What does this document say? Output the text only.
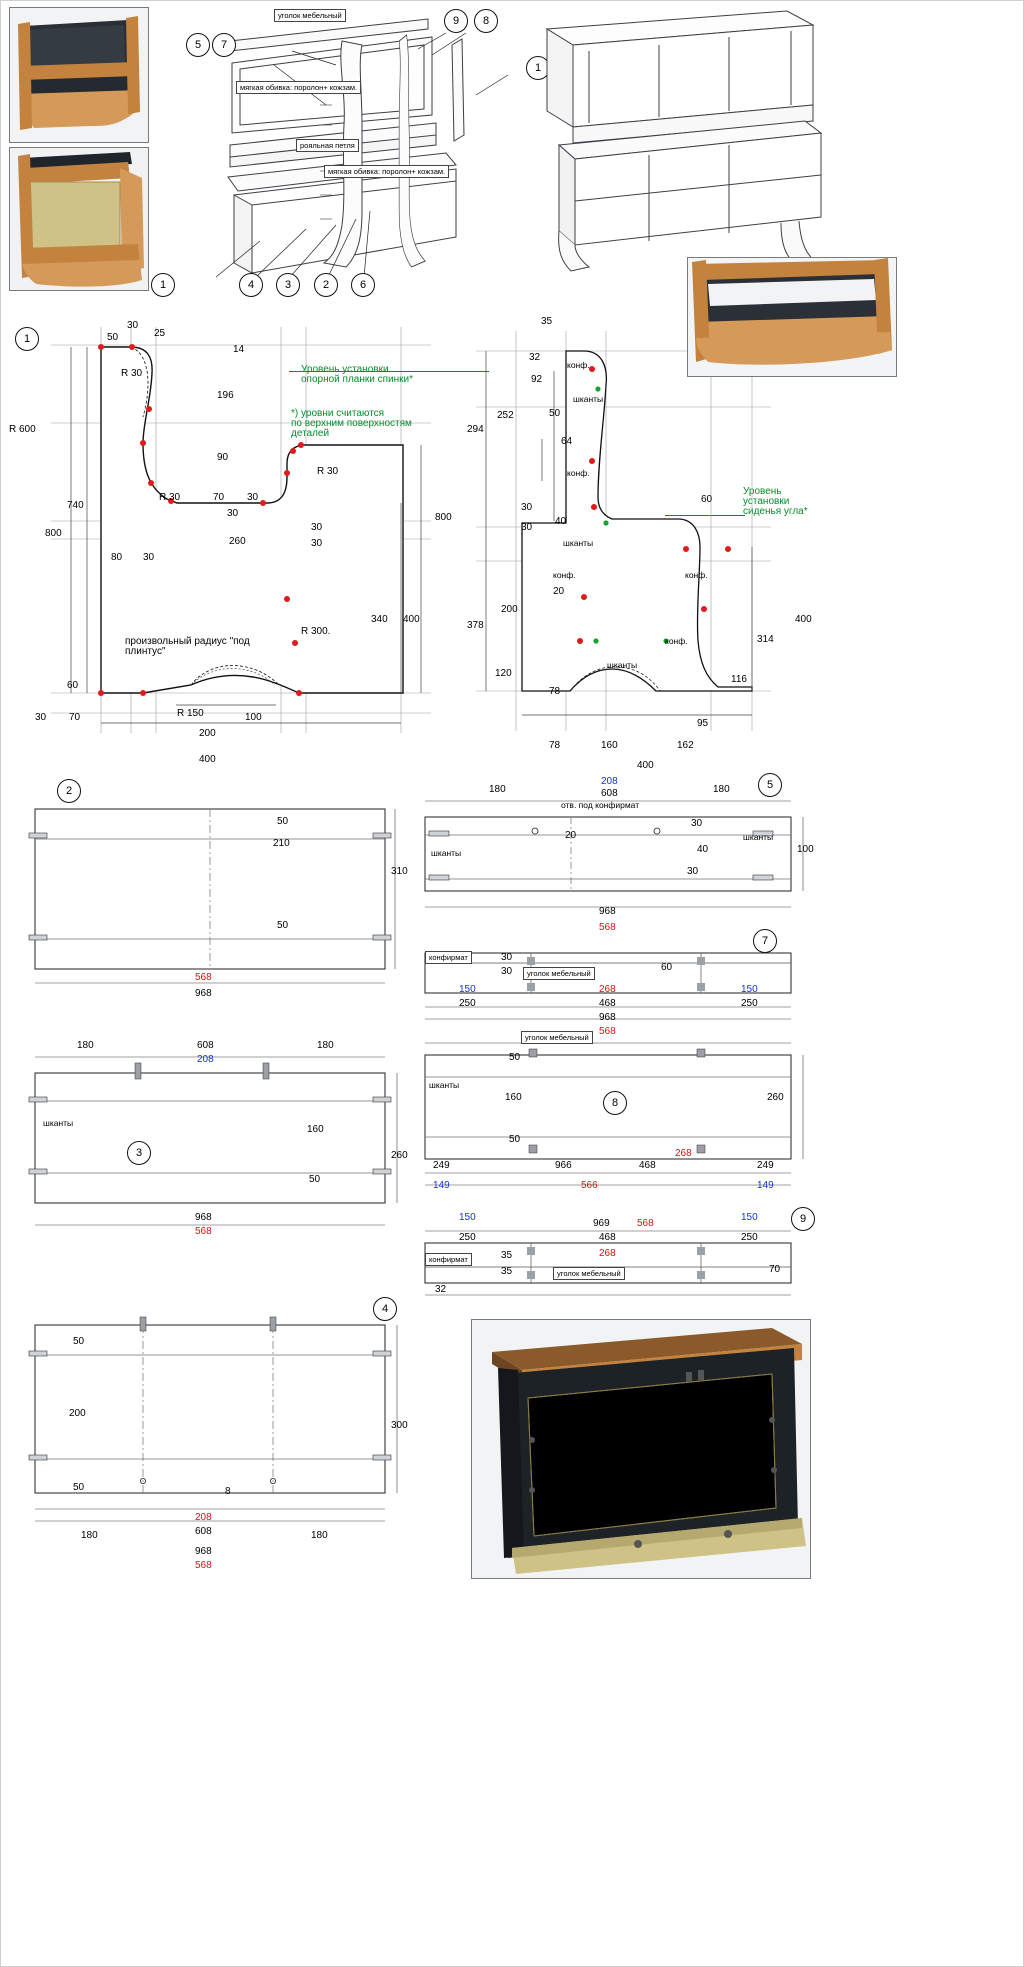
уголок мебельный
мягкая обивка: поролон+ кожзам.
рояльная петля
мягкая обивка: поролон+ кожзам.
9	8
5	7
1
1	4	3	2	6
1
30
50	25
14
R 30
196
90
R 600
R 30
R 30	70 30
30
30
30
260
740
800
80 30
340 400
R 300.
60
30 70	R 150	100
200
400
произвольный радиус "под плинтус"
Уровень установки
опорной планки спинки*
*) уровни считаются
по верхним поверхностям
деталей
Уровень
установки
сиденья угла*
35
32
92
252
294
50
64
30
30
40
20
200
378
120
78
800
78	160	162
95
116
314
400
400
60
конф.
шканты
конф.
шканты
конф.	конф.
конф.
шканты
2
50
210
50
310
568
968
5
180
208
608	180
отв. под конфирмат
20
30
40
30
шканты
шканты
100
968
568
7
конфирмат	30
30	уголок мебельный
60
150	268	150
250	468	250
968
568
180	608
208
180
160
50
260
968
568
шканты
3
уголок мебельный
50
160
50
260
шканты
8
249	966	468
268
249
149	566	149
9
150
969	568
150
250	468	250
35	268
конфирмат
35	уголок мебельный	70
32
4
50
200
50	8
300
208
608
180	180
968
568
